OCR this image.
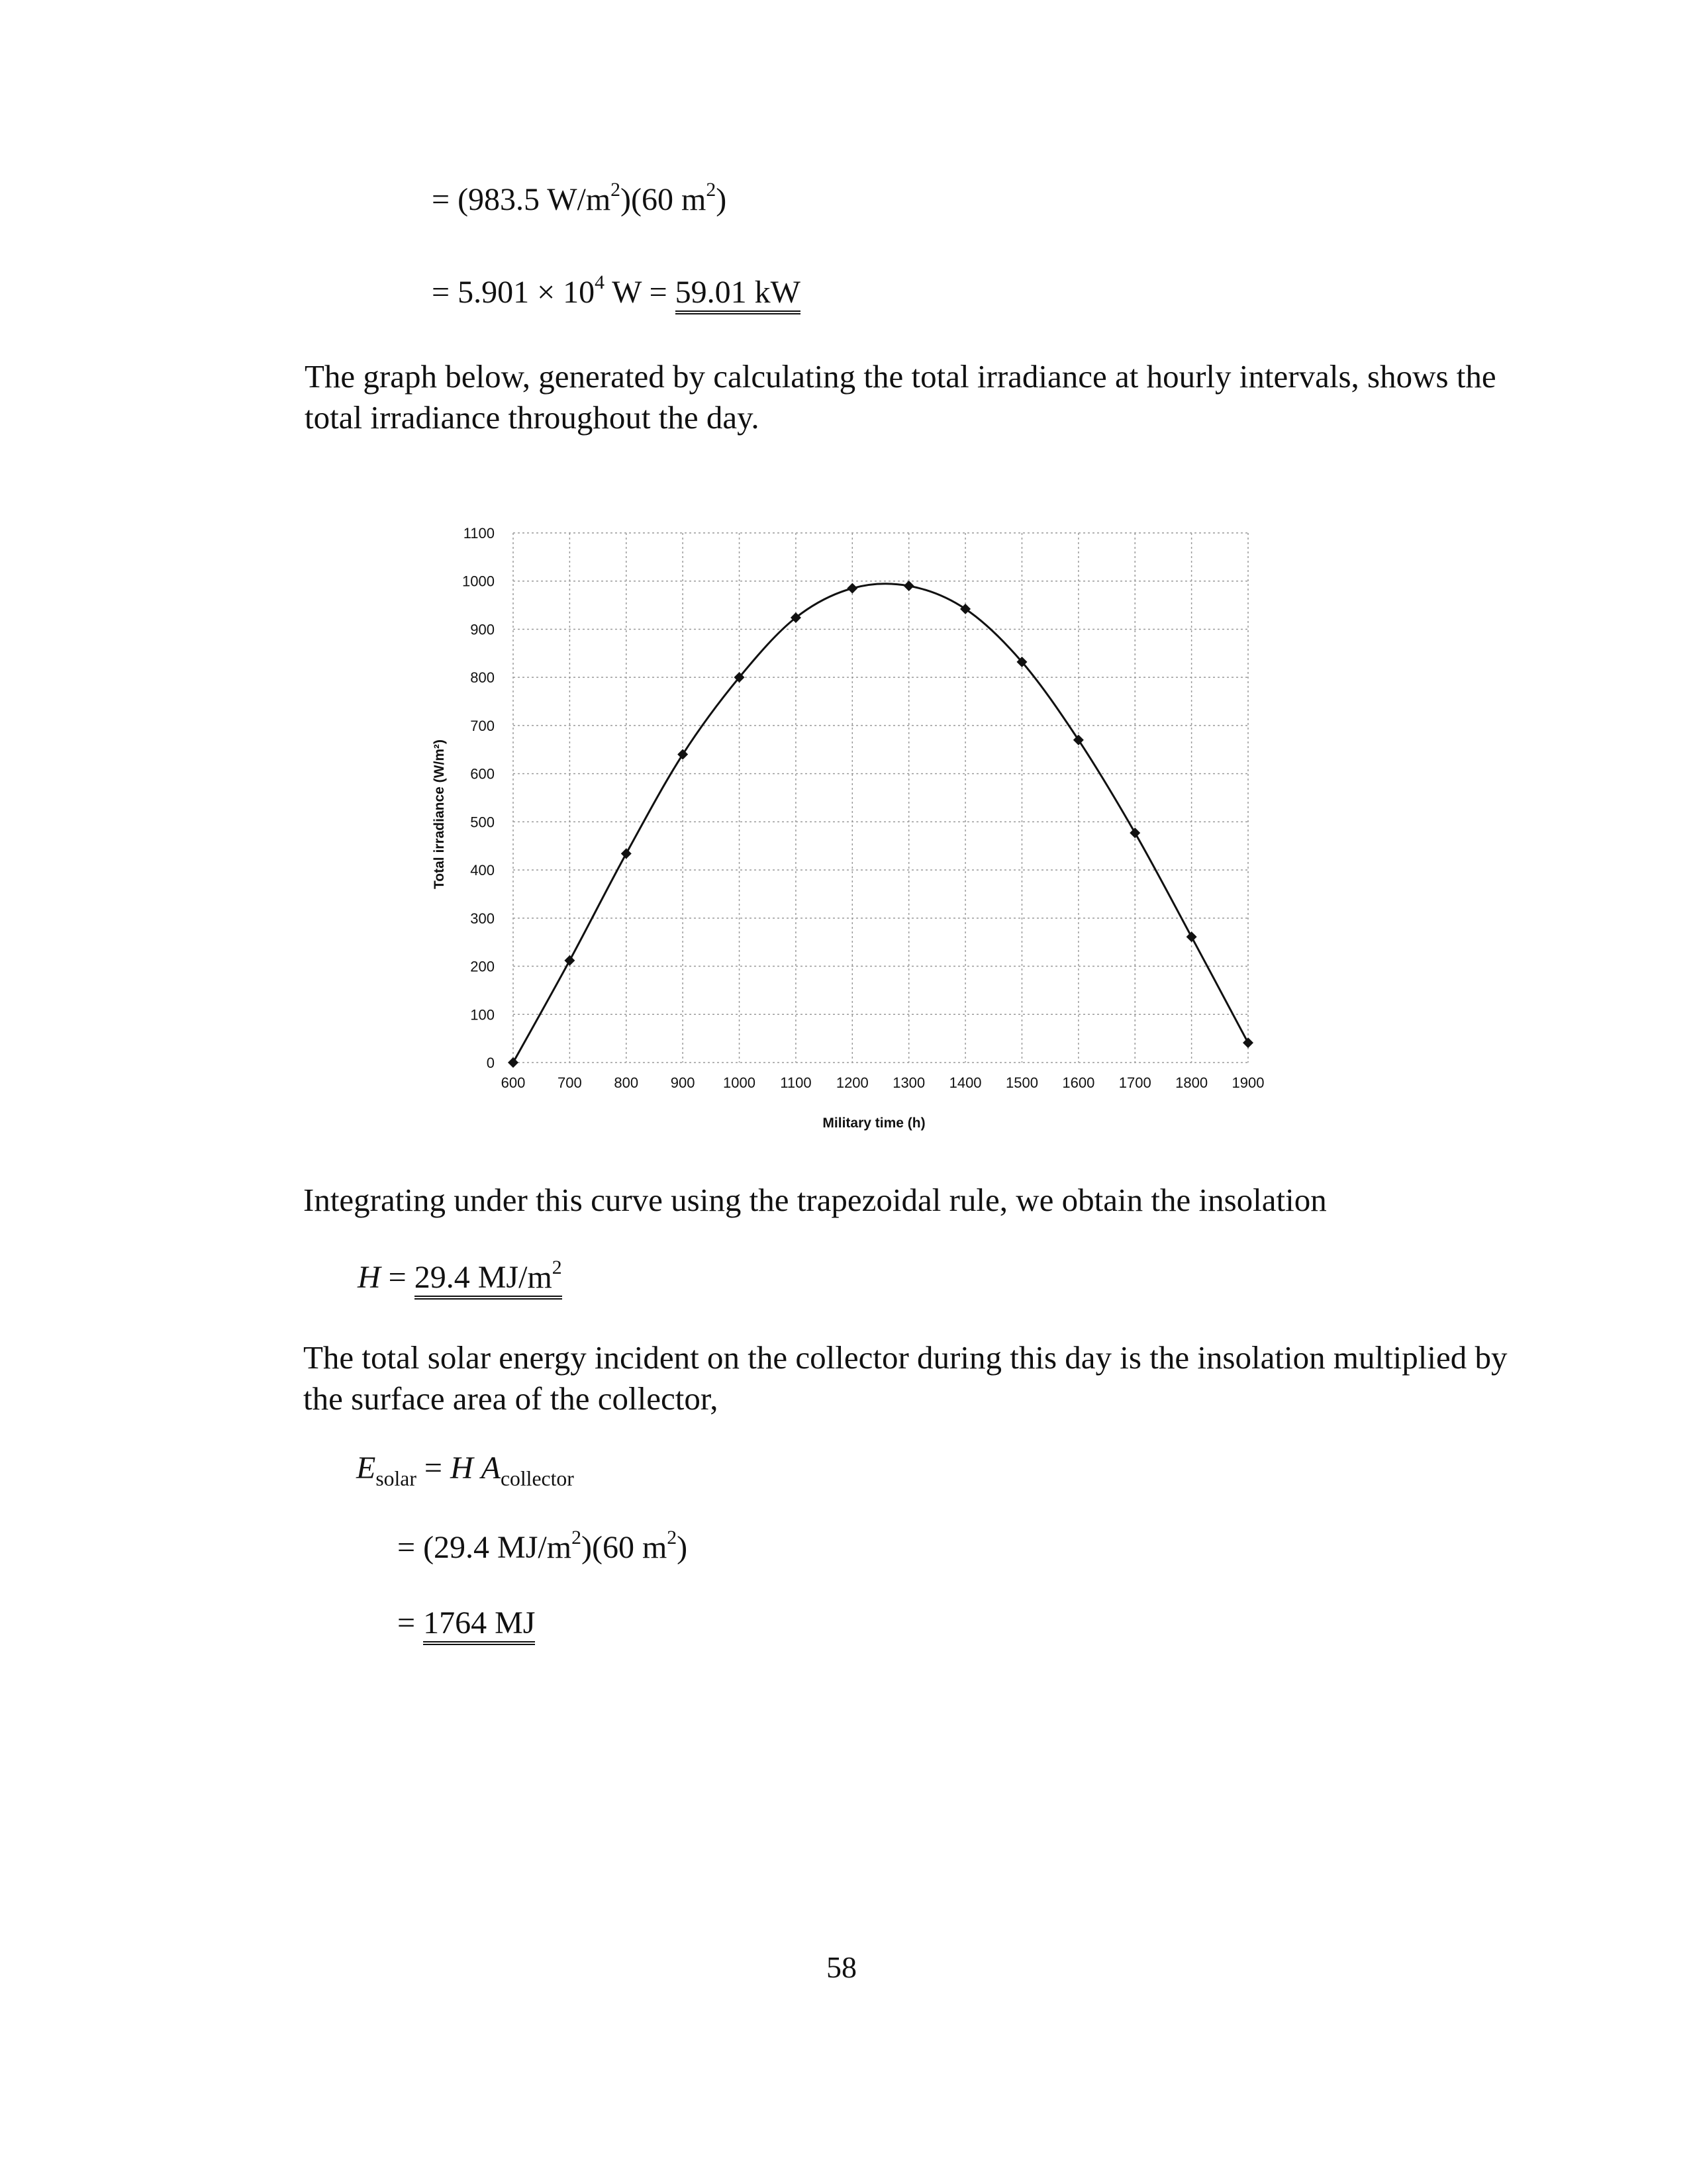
= (983.5 $W/m^2)(60$ $m^2$)
= $5.901 \times 10^4$ W = 59.01 kW
The graph below, generated by calculating the total irradiance at hourly intervals, shows the total irradiance throughout the day.
0
100
200
300
400
500
600
700
800
900
1000
1100
600 700 800 900 1000 1100 1200 1300 1400 1500 1600 1700 1800 1900
Military time (h)
Total irradiance (W/m²)
Integrating under this curve using the trapezoidal rule, we obtain the insolation
H = 29.4 $MJ/m^2$
The total solar energy incident on the collector during this day is the insolation multiplied by the surface area of the collector,
$E_{solar} = H$ $A_{collector}$
= (29.4 $MJ/m^2)(60$ $m^2$)
= 1764 MJ
58
